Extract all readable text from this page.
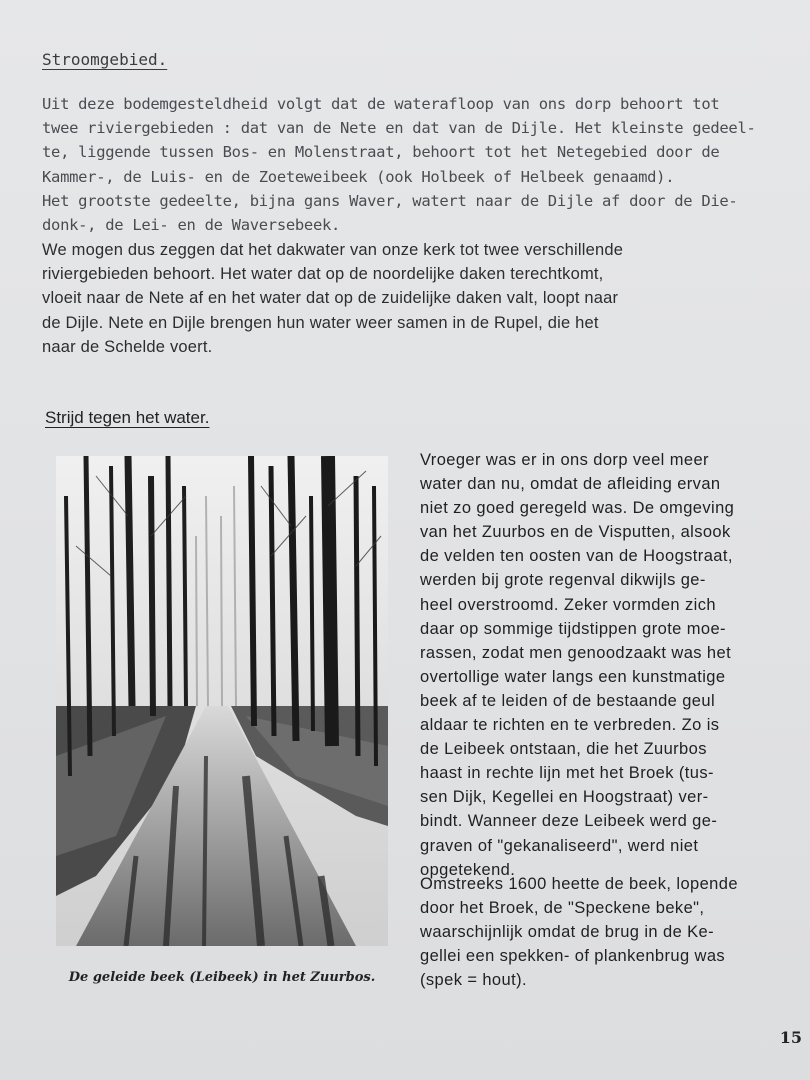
Stroomgebied.
Uit deze bodemgesteldheid volgt dat de waterafloop van ons dorp behoort tot
twee riviergebieden : dat van de Nete en dat van de Dijle. Het kleinste gedeel-
te, liggende tussen Bos- en Molenstraat, behoort tot het Netegebied door de
Kammer-, de Luis- en de Zoeteweibeek (ook Holbeek of Helbeek genaamd).
Het grootste gedeelte, bijna gans Waver, watert naar de Dijle af door de Die-
donk-, de Lei- en de Waversebeek.
We mogen dus zeggen dat het dakwater van onze kerk tot twee verschillende
riviergebieden behoort. Het water dat op de noordelijke daken terechtkomt,
vloeit naar de Nete af en het water dat op de zuidelijke daken valt, loopt naar
de Dijle. Nete en Dijle brengen hun water weer samen in de Rupel, die het
naar de Schelde voert.
Strijd tegen het water.
De geleide beek (Leibeek) in het Zuurbos.
Vroeger was er in ons dorp veel meer
water dan nu, omdat de afleiding ervan
niet zo goed geregeld was. De omgeving
van het Zuurbos en de Visputten, alsook
de velden ten oosten van de Hoogstraat,
werden bij grote regenval dikwijls ge-
heel overstroomd. Zeker vormden zich
daar op sommige tijdstippen grote moe-
rassen, zodat men genoodzaakt was het
overtollige water langs een kunstmatige
beek af te leiden of de bestaande geul
aldaar te richten en te verbreden. Zo is
de Leibeek ontstaan, die het Zuurbos
haast in rechte lijn met het Broek (tus-
sen Dijk, Kegellei en Hoogstraat) ver-
bindt. Wanneer deze Leibeek werd ge-
graven of "gekanaliseerd", werd niet
opgetekend.
Omstreeks 1600 heette de beek, lopende
door het Broek, de "Speckene beke",
waarschijnlijk omdat de brug in de Ke-
gellei een spekken- of plankenbrug was
(spek = hout).
15
